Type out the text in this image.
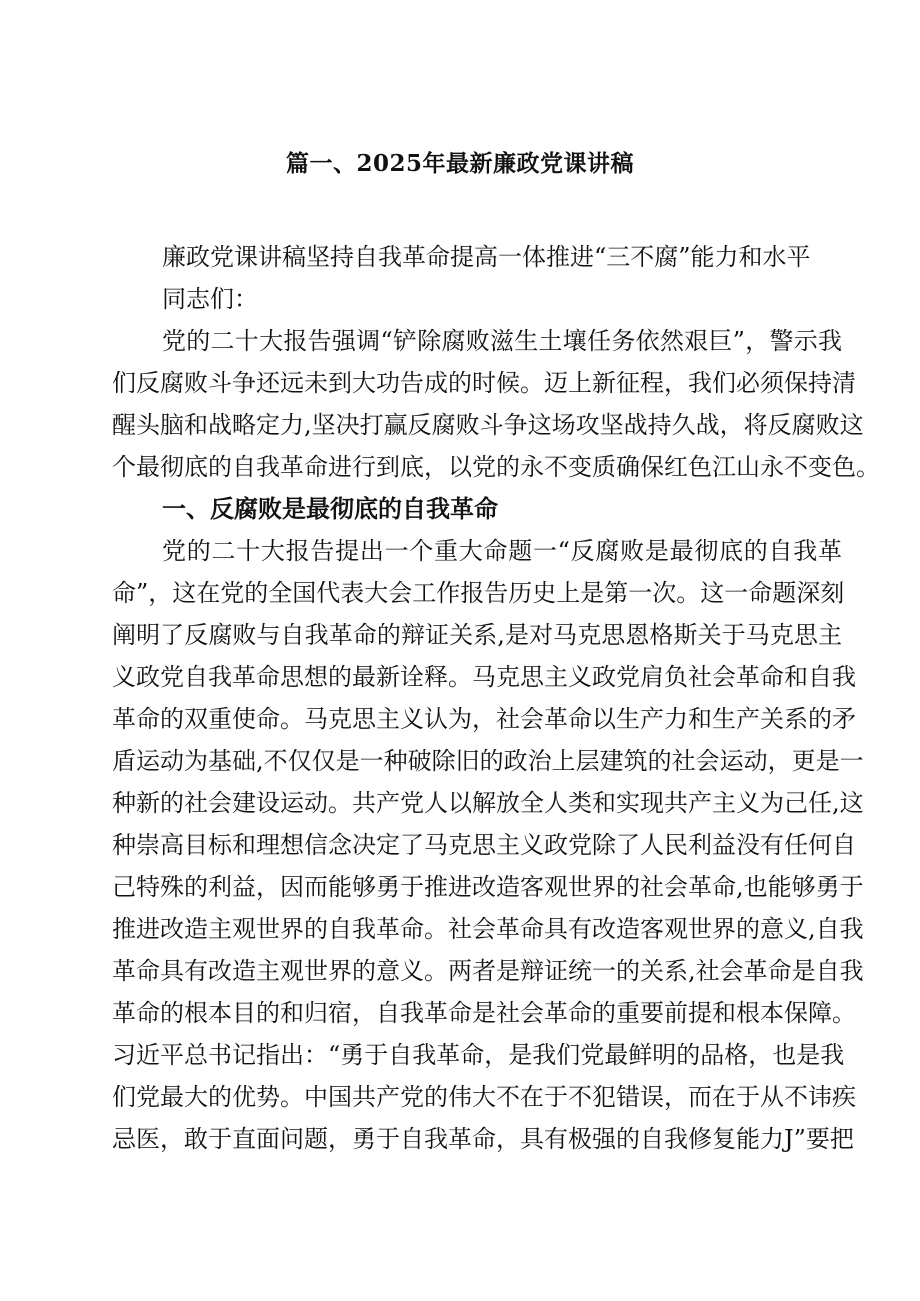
篇一、2025年最新廉政党课讲稿
廉政党课讲稿坚持自我革命提高一体推进“三不腐”能力和水平
同志们：
党的二十大报告强调“铲除腐败滋生土壤任务依然艰巨”，警示我
们反腐败斗争还远未到大功告成的时候。迈上新征程，我们必须保持清
醒头脑和战略定力,坚决打赢反腐败斗争这场攻坚战持久战，将反腐败这
个最彻底的自我革命进行到底，以党的永不变质确保红色江山永不变色。
一、反腐败是最彻底的自我革命
党的二十大报告提出一个重大命题一“反腐败是最彻底的自我革
命”，这在党的全国代表大会工作报告历史上是第一次。这一命题深刻
阐明了反腐败与自我革命的辩证关系,是对马克思恩格斯关于马克思主
义政党自我革命思想的最新诠释。马克思主义政党肩负社会革命和自我
革命的双重使命。马克思主义认为，社会革命以生产力和生产关系的矛
盾运动为基础,不仅仅是一种破除旧的政治上层建筑的社会运动，更是一
种新的社会建设运动。共产党人以解放全人类和实现共产主义为己任,这
种崇高目标和理想信念决定了马克思主义政党除了人民利益没有任何自
己特殊的利益，因而能够勇于推进改造客观世界的社会革命,也能够勇于
推进改造主观世界的自我革命。社会革命具有改造客观世界的意义,自我
革命具有改造主观世界的意义。两者是辩证统一的关系,社会革命是自我
革命的根本目的和归宿，自我革命是社会革命的重要前提和根本保障。
习近平总书记指出：“勇于自我革命，是我们党最鲜明的品格，也是我
们党最大的优势。中国共产党的伟大不在于不犯错误，而在于从不讳疾
忌医，敢于直面问题，勇于自我革命，具有极强的自我修复能力J”要把
